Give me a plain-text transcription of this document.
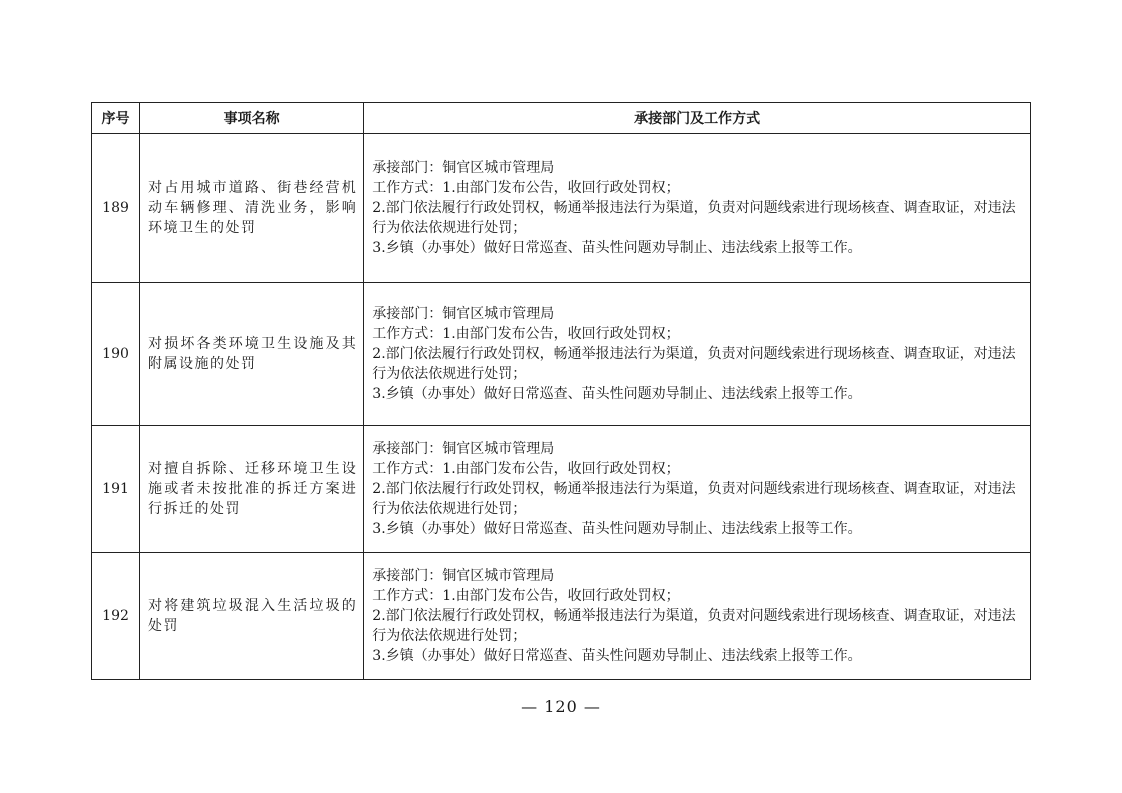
序号	事项名称	承接部门及工作方式
189	对占用城市道路、街巷经营机动车辆修理、清洗业务，影响环境卫生的处罚	承接部门：铜官区城市管理局
工作方式：1.由部门发布公告，收回行政处罚权；
2.部门依法履行行政处罚权，畅通举报违法行为渠道，负责对问题线索进行现场核查、调查取证，对违法行为依法依规进行处罚；
3.乡镇（办事处）做好日常巡查、苗头性问题劝导制止、违法线索上报等工作。

190	对损坏各类环境卫生设施及其附属设施的处罚	承接部门：铜官区城市管理局
工作方式：1.由部门发布公告，收回行政处罚权；
2.部门依法履行行政处罚权，畅通举报违法行为渠道，负责对问题线索进行现场核查、调查取证，对违法行为依法依规进行处罚；
3.乡镇（办事处）做好日常巡查、苗头性问题劝导制止、违法线索上报等工作。

191	对擅自拆除、迁移环境卫生设施或者未按批准的拆迁方案进行拆迁的处罚	承接部门：铜官区城市管理局
工作方式：1.由部门发布公告，收回行政处罚权；
2.部门依法履行行政处罚权，畅通举报违法行为渠道，负责对问题线索进行现场核查、调查取证，对违法行为依法依规进行处罚；
3.乡镇（办事处）做好日常巡查、苗头性问题劝导制止、违法线索上报等工作。

192	对将建筑垃圾混入生活垃圾的处罚	承接部门：铜官区城市管理局
工作方式：1.由部门发布公告，收回行政处罚权；
2.部门依法履行行政处罚权，畅通举报违法行为渠道，负责对问题线索进行现场核查、调查取证，对违法行为依法依规进行处罚；
3.乡镇（办事处）做好日常巡查、苗头性问题劝导制止、违法线索上报等工作。
— 120 —
